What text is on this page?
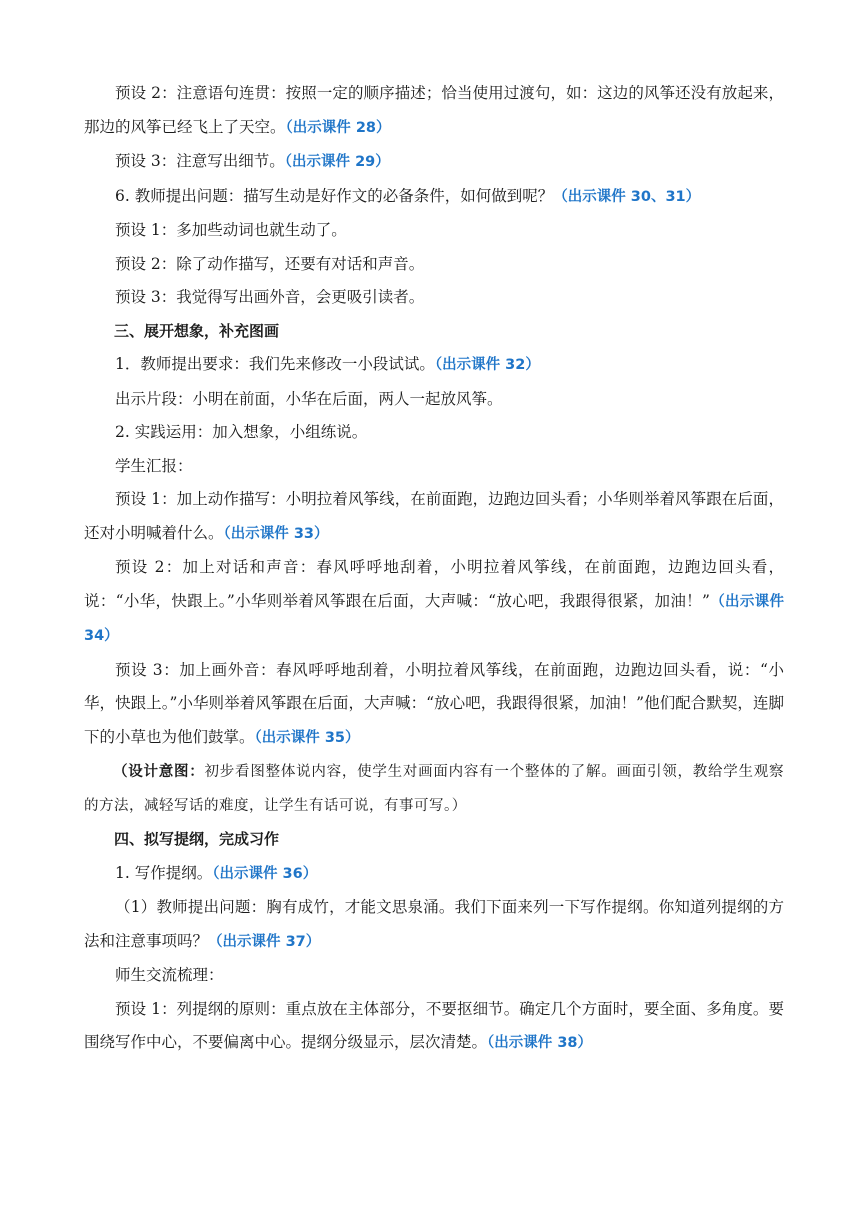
预设 2：注意语句连贯：按照一定的顺序描述；恰当使用过渡句，如：这边的风筝还没有放起来，那边的风筝已经飞上了天空。（出示课件 28）

预设 3：注意写出细节。（出示课件 29）

6. 教师提出问题：描写生动是好作文的必备条件，如何做到呢？（出示课件 30、31）

预设 1：多加些动词也就生动了。

预设 2：除了动作描写，还要有对话和声音。

预设 3：我觉得写出画外音，会更吸引读者。

三、展开想象，补充图画

1．教师提出要求：我们先来修改一小段试试。（出示课件 32）

出示片段：小明在前面，小华在后面，两人一起放风筝。

2. 实践运用：加入想象，小组练说。

学生汇报：

预设 1：加上动作描写：小明拉着风筝线，在前面跑，边跑边回头看；小华则举着风筝跟在后面，还对小明喊着什么。（出示课件 33）

预设 2：加上对话和声音：春风呼呼地刮着，小明拉着风筝线，在前面跑，边跑边回头看，说：“小华，快跟上。”小华则举着风筝跟在后面，大声喊：“放心吧，我跟得很紧，加油！”（出示课件 34）

预设 3：加上画外音：春风呼呼地刮着，小明拉着风筝线，在前面跑，边跑边回头看，说：“小华，快跟上。”小华则举着风筝跟在后面，大声喊：“放心吧，我跟得很紧，加油！”他们配合默契，连脚下的小草也为他们鼓掌。（出示课件 35）

（设计意图：初步看图整体说内容，使学生对画面内容有一个整体的了解。画面引领，教给学生观察的方法，减轻写话的难度，让学生有话可说，有事可写。）

四、拟写提纲，完成习作

1. 写作提纲。（出示课件 36）

（1）教师提出问题：胸有成竹，才能文思泉涌。我们下面来列一下写作提纲。你知道列提纲的方法和注意事项吗？（出示课件 37）

师生交流梳理：

预设 1：列提纲的原则：重点放在主体部分，不要抠细节。确定几个方面时，要全面、多角度。要围绕写作中心，不要偏离中心。提纲分级显示，层次清楚。（出示课件 38）
